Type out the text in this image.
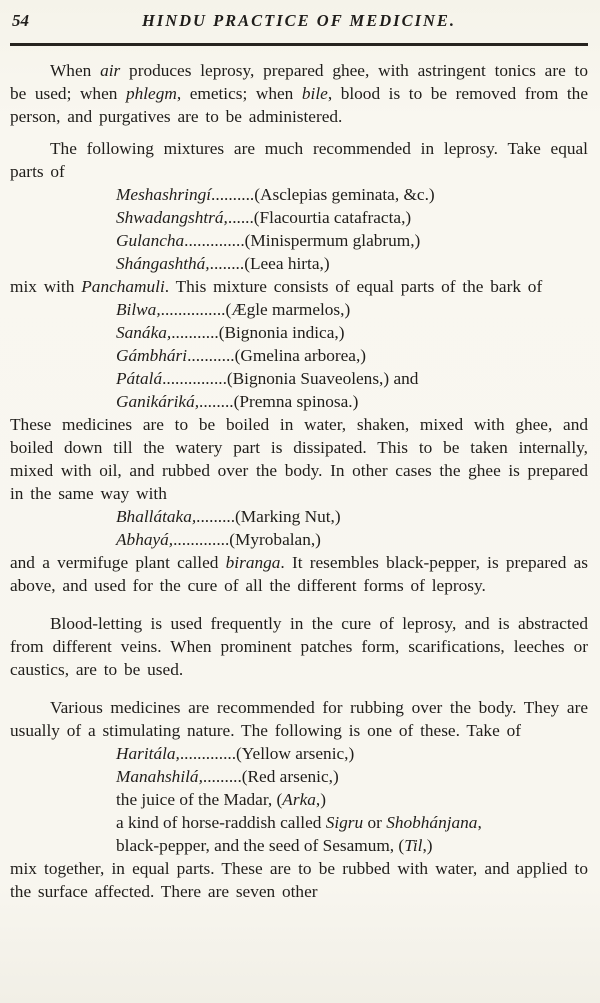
54	HINDU PRACTICE OF MEDICINE.

When air produces leprosy, prepared ghee, with astringent tonics are to be used; when phlegm, emetics; when bile, blood is to be removed from the person, and purgatives are to be administered.

The following mixtures are much recommended in leprosy. Take equal parts of

Meshashringí..........(Asclepias geminata, &c.)
Shwadangshtrá,......(Flacourtia catafracta,)
Gulancha..............(Minispermum glabrum,)
Shángashthá,........(Leea hirta,)

mix with Panchamuli. This mixture consists of equal parts of the bark of

Bilwa,...............(Ægle marmelos,)
Sanáka,...........(Bignonia indica,)
Gámbhári...........(Gmelina arborea,)
Pátalá...............(Bignonia Suaveolens,) and
Ganikáriká,........(Premna spinosa.)

These medicines are to be boiled in water, shaken, mixed with ghee, and boiled down till the watery part is dissipated. This to be taken internally, mixed with oil, and rubbed over the body. In other cases the ghee is prepared in the same way with

Bhallátaka,.........(Marking Nut,)
Abhayá,.............(Myrobalan,)

and a vermifuge plant called biranga. It resembles black-pepper, is prepared as above, and used for the cure of all the different forms of leprosy.

Blood-letting is used frequently in the cure of leprosy, and is abstracted from different veins. When prominent patches form, scarifications, leeches or caustics, are to be used.

Various medicines are recommended for rubbing over the body. They are usually of a stimulating nature. The following is one of these. Take of

Haritála,.............(Yellow arsenic,)
Manahshilá,.........(Red arsenic,)
the juice of the Madar, (Arka,)
a kind of horse-raddish called Sigru or Shobhánjana,
black-pepper, and the seed of Sesamum, (Til,)

mix together, in equal parts. These are to be rubbed with water, and applied to the surface affected. There are seven other
